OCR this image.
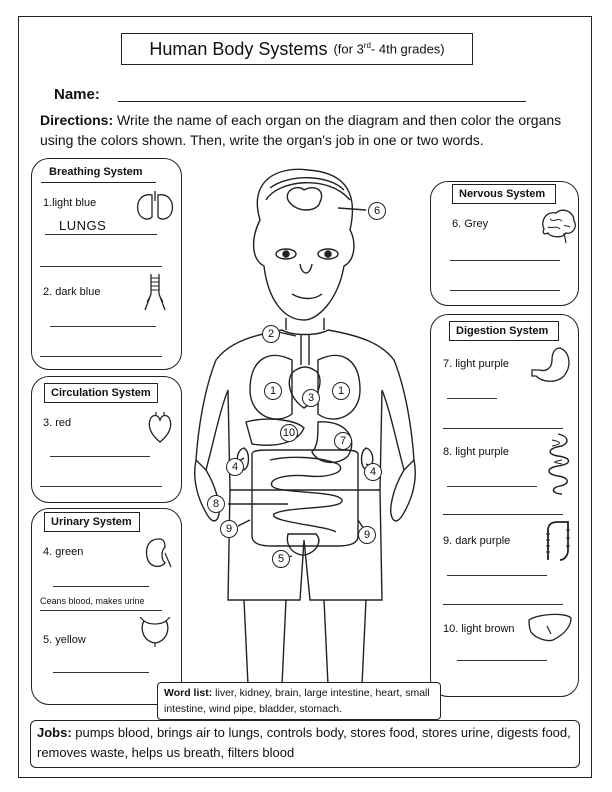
Human Body Systems (for 3rd- 4th grades)
Name:
Directions: Write the name of each organ on the diagram and then color the organs using the colors shown. Then, write the organ's job in one or two words.
Breathing System
1.light blue
LUNGS
2. dark blue
Circulation System
3. red
Urinary System
4. green
Ceans blood, makes urine
5. yellow
Nervous System
6. Grey
Digestion System
7. light purple
8. light purple
9. dark purple
10. light brown
6
2
1
3
1
10
7
4	4
8
9	9
5
Word list: liver, kidney, brain, large intestine, heart, small intestine, wind pipe, bladder, stomach.
Jobs: pumps blood, brings air to lungs, controls body, stores food, stores urine, digests food, removes waste, helps us breath, filters blood
